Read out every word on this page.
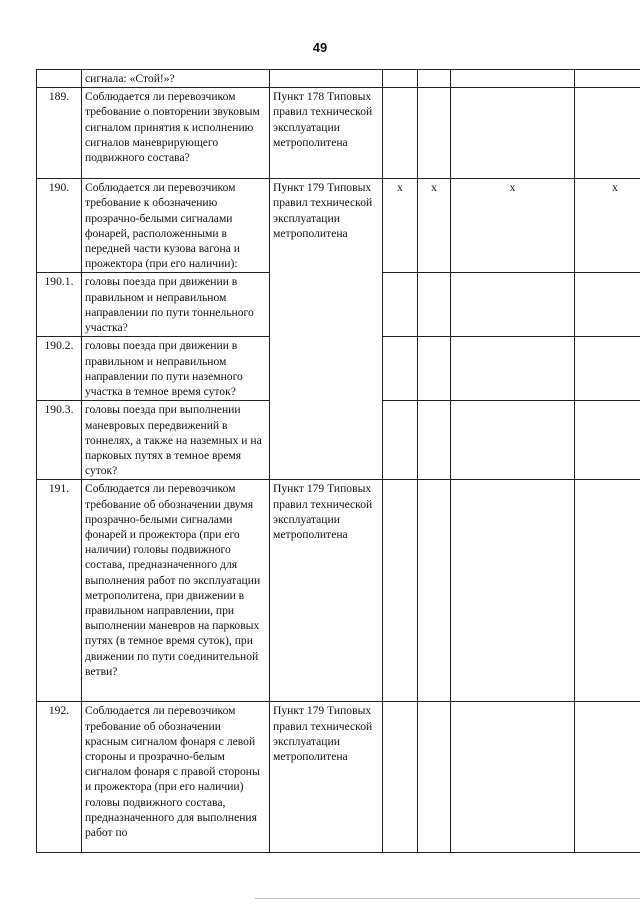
49
	сигнала: «Стой!»?					
189.	Соблюдается ли перевозчиком требование о повторении звуковым сигналом принятия к исполнению сигналов маневрирующего подвижного состава?	Пункт 178 Типовых правил технической эксплуатации метрополитена				
190.	Соблюдается ли перевозчиком требование к обозначению прозрачно-белыми сигналами фонарей, расположенными в передней части кузова вагона и прожектора (при его наличии):	Пункт 179 Типовых правил технической эксплуатации метрополитена	x	x	x	x
190.1.	головы поезда при движении в правильном и неправильном направлении по пути тоннельного участка?					
190.2.	головы поезда при движении в правильном и неправильном направлении по пути наземного участка в темное время суток?					
190.3.	головы поезда при выполнении маневровых передвижений в тоннелях, а также на наземных и на парковых путях в темное время суток?					
191.	Соблюдается ли перевозчиком требование об обозначении двумя прозрачно-белыми сигналами фонарей и прожектора (при его наличии) головы подвижного состава, предназначенного для выполнения работ по эксплуатации метрополитена, при движении в правильном направлении, при выполнении маневров на парковых путях (в темное время суток), при движении по пути соединительной ветви?	Пункт 179 Типовых правил технической эксплуатации метрополитена				
192.	Соблюдается ли перевозчиком требование об обозначении красным сигналом фонаря с левой стороны и прозрачно-белым сигналом фонаря с правой стороны и прожектора (при его наличии) головы подвижного состава, предназначенного для выполнения работ по	Пункт 179 Типовых правил технической эксплуатации метрополитена				
